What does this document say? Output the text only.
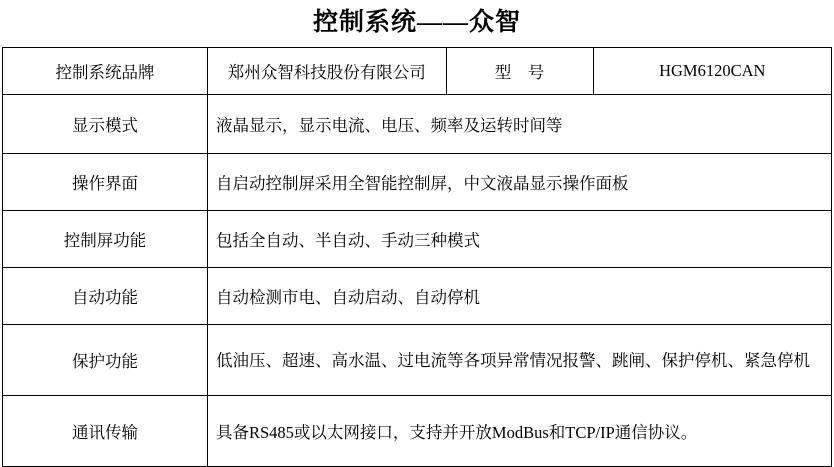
控制系统——众智
控制系统品牌	郑州众智科技股份有限公司	型　号	HGM6120CAN
显示模式	液晶显示，显示电流、电压、频率及运转时间等		
操作界面	自启动控制屏采用全智能控制屏，中文液晶显示操作面板		
控制屏功能	包括全自动、半自动、手动三种模式		
自动功能	自动检测市电、自动启动、自动停机		
保护功能	低油压、超速、高水温、过电流等各项异常情况报警、跳闸、保护停机、紧急停机		
通讯传输	具备RS485或以太网接口，支持并开放ModBus和TCP/IP通信协议。		
